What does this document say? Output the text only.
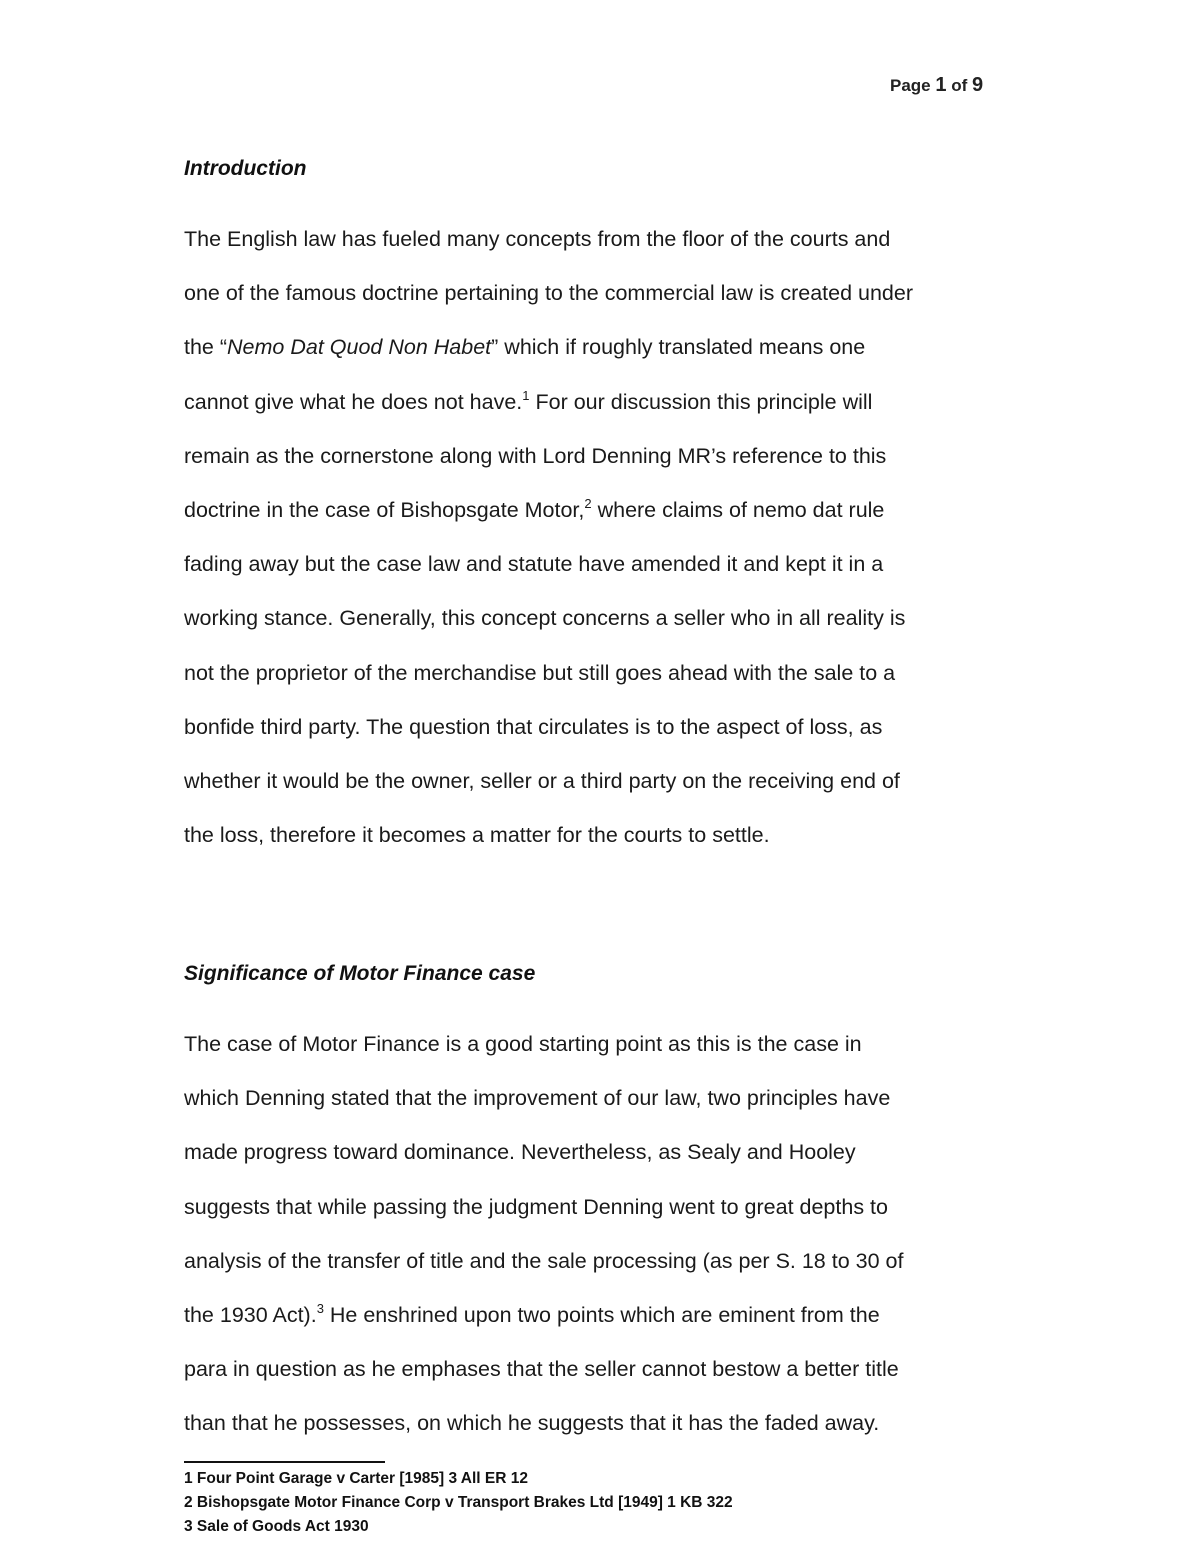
Page 1 of 9
Introduction
The English law has fueled many concepts from the floor of the courts and
one of the famous doctrine pertaining to the commercial law is created under
the “Nemo Dat Quod Non Habet” which if roughly translated means one
cannot give what he does not have.$^1$ For our discussion this principle will
remain as the cornerstone along with Lord Denning MR’s reference to this
doctrine in the case of Bishopsgate Motor,$^2$ where claims of nemo dat rule
fading away but the case law and statute have amended it and kept it in a
working stance. Generally, this concept concerns a seller who in all reality is
not the proprietor of the merchandise but still goes ahead with the sale to a
bonfide third party. The question that circulates is to the aspect of loss, as
whether it would be the owner, seller or a third party on the receiving end of
the loss, therefore it becomes a matter for the courts to settle.
Significance of Motor Finance case
The case of Motor Finance is a good starting point as this is the case in
which Denning stated that the improvement of our law, two principles have
made progress toward dominance. Nevertheless, as Sealy and Hooley
suggests that while passing the judgment Denning went to great depths to
analysis of the transfer of title and the sale processing (as per S. 18 to 30 of
the 1930 Act).$^3$ He enshrined upon two points which are eminent from the
para in question as he emphases that the seller cannot bestow a better title
than that he possesses, on which he suggests that it has the faded away.
1 Four Point Garage v Carter [1985] 3 All ER 12
2 Bishopsgate Motor Finance Corp v Transport Brakes Ltd [1949] 1 KB 322
3 Sale of Goods Act 1930
